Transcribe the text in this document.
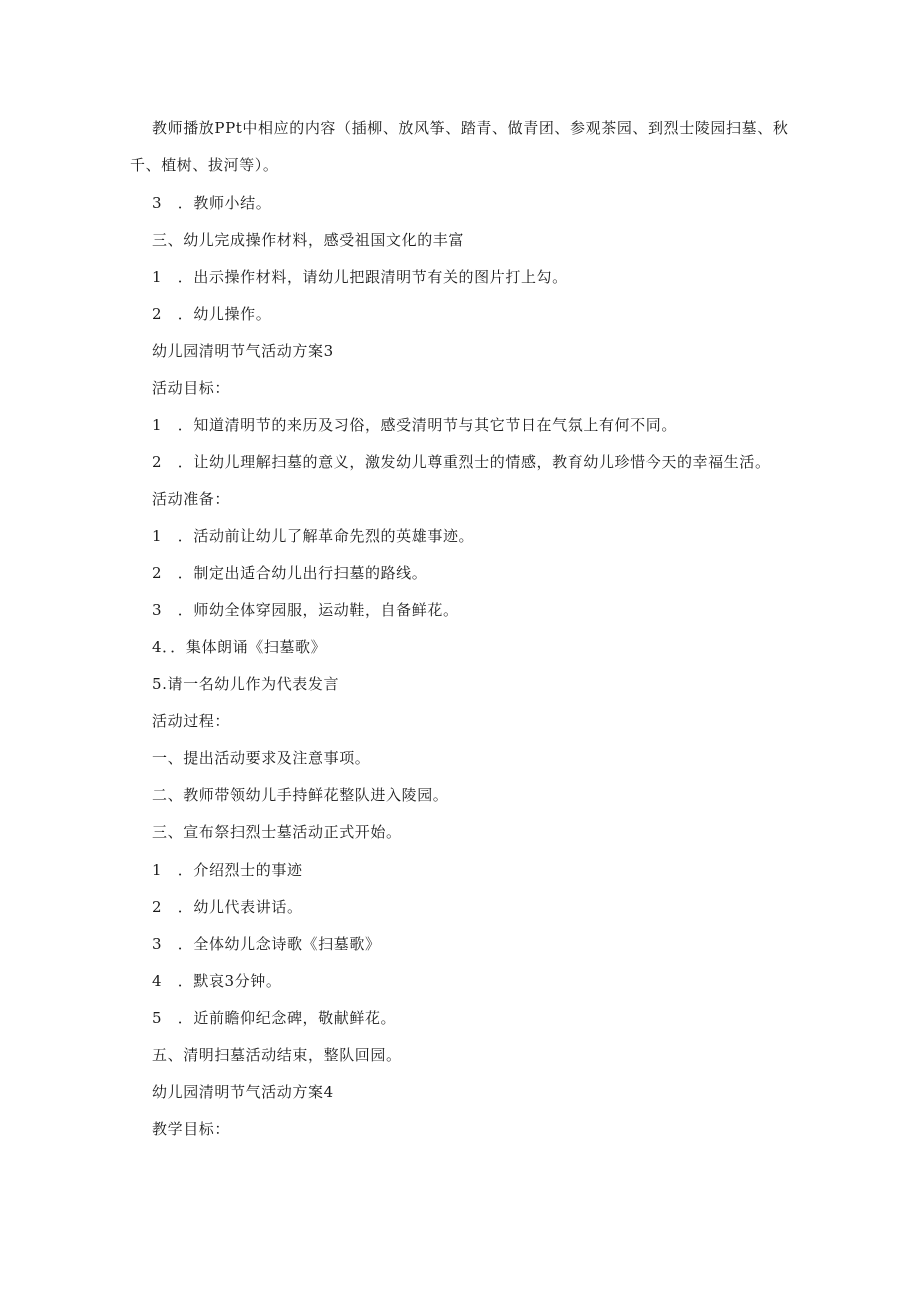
教师播放PPt中相应的内容（插柳、放风筝、踏青、做青团、参观茶园、到烈士陵园扫墓、秋
千、植树、拔河等）。
3　．教师小结。
三、幼儿完成操作材料，感受祖国文化的丰富
1　．出示操作材料，请幼儿把跟清明节有关的图片打上勾。
2　．幼儿操作。
幼儿园清明节气活动方案3
活动目标：
1　．知道清明节的来历及习俗，感受清明节与其它节日在气氛上有何不同。
2　．让幼儿理解扫墓的意义，激发幼儿尊重烈士的情感，教育幼儿珍惜今天的幸福生活。
活动准备：
1　．活动前让幼儿了解革命先烈的英雄事迹。
2　．制定出适合幼儿出行扫墓的路线。
3　．师幼全体穿园服，运动鞋，自备鲜花。
4．．集体朗诵《扫墓歌》
5.请一名幼儿作为代表发言
活动过程：
一、提出活动要求及注意事项。
二、教师带领幼儿手持鲜花整队进入陵园。
三、宣布祭扫烈士墓活动正式开始。
1　．介绍烈士的事迹
2　．幼儿代表讲话。
3　．全体幼儿念诗歌《扫墓歌》
4　．默哀3分钟。
5　．近前瞻仰纪念碑，敬献鲜花。
五、清明扫墓活动结束，整队回园。
幼儿园清明节气活动方案4
教学目标：
